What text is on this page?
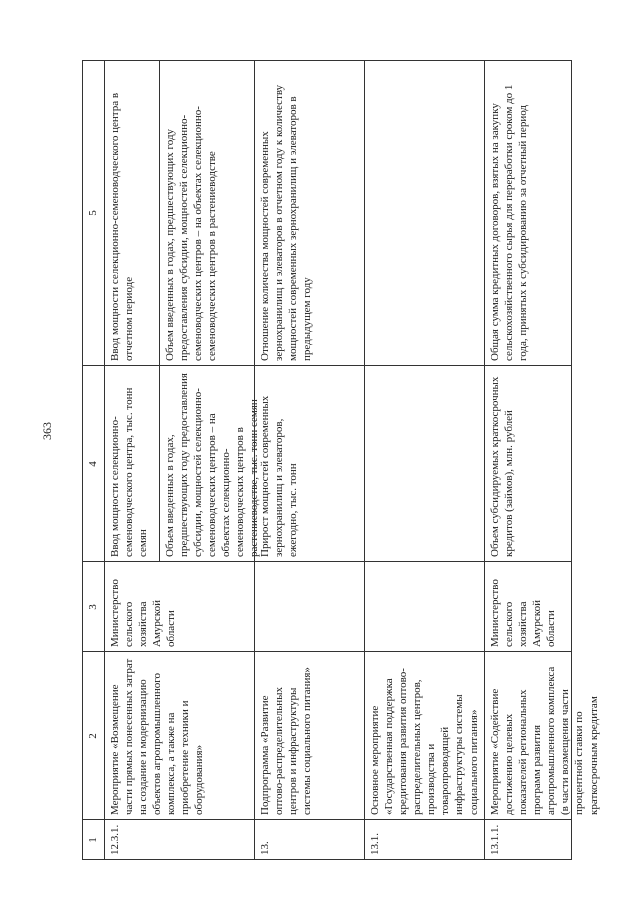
363
1
2
3
4
5
12.3.1.
Мероприятие «Возмещение части прямых понесенных затрат на создание и модернизацию объектов агропромышленного комплекса, а также на приобретение техники и оборудования»
Министерство сельского хозяйства Амурской области
Ввод мощности селекционно-семеноводческого центра, тыс. тонн семян
Ввод мощности селекционно-семеноводческого центра в отчетном периоде
Объем введенных в годах, предшествующих году предоставления субсидии, мощностей селекционно-семеноводческих центров – на объектах селекционно-семеноводческих центров в растениеводстве, тыс. тонн семян
Объем введенных в годах, предшествующих году предоставления субсидии, мощностей селекционно-семеноводческих центров – на объектах селекционно-семеноводческих центров в растениеводстве
13.
Подпрограмма «Развитие оптово-распределительных центров и инфраструктуры системы социального питания»
Прирост мощностей современных зернохранилищ и элеваторов, ежегодно, тыс. тонн
Отношение количества мощностей современных зернохранилищ и элеваторов в отчетном году к количеству мощностей современных зернохранилищ и элеваторов в предыдущем году
13.1.
Основное мероприятие «Государственная поддержка кредитования развития оптово-распределительных центров, производства и товаропроводящей инфраструктуры системы социального питания»
13.1.1.
Мероприятие «Содействие достижению целевых показателей региональных программ развития агропромышленного комплекса (в части возмещения части процентной ставки по краткосрочным кредитам
Министерство сельского хозяйства Амурской области
Объем субсидируемых краткосрочных кредитов (займов), млн. рублей
Общая сумма кредитных договоров, взятых на закупку сельскохозяйственного сырья для переработки сроком до 1 года, принятых к субсидированию за отчетный период
